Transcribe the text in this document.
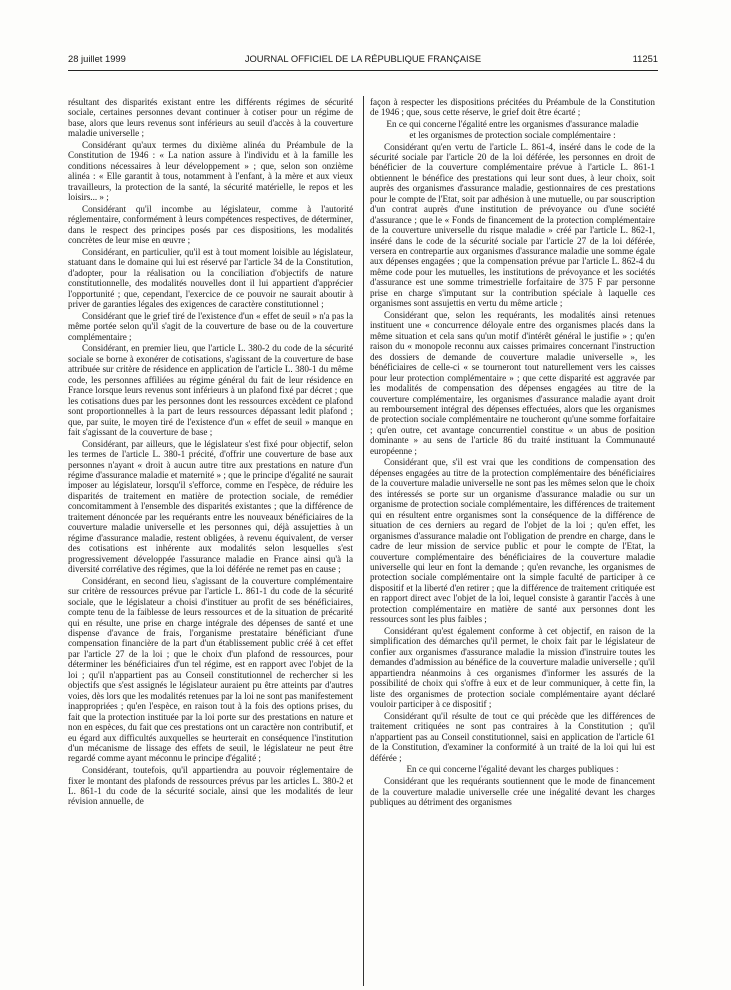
28 juillet 1999	JOURNAL OFFICIEL DE LA RÉPUBLIQUE FRANÇAISE	11251

résultant des disparités existant entre les différents régimes de sécurité sociale, certaines personnes devant continuer à cotiser pour un régime de base, alors que leurs revenus sont inférieurs au seuil d'accès à la couverture maladie universelle ;

Considérant qu'aux termes du dixième alinéa du Préambule de la Constitution de 1946 : « La nation assure à l'individu et à la famille les conditions nécessaires à leur développement » ; que, selon son onzième alinéa : « Elle garantit à tous, notamment à l'enfant, à la mère et aux vieux travailleurs, la protection de la santé, la sécurité matérielle, le repos et les loisirs... » ;

Considérant qu'il incombe au législateur, comme à l'autorité réglementaire, conformément à leurs compétences respectives, de déterminer, dans le respect des principes posés par ces dispositions, les modalités concrètes de leur mise en œuvre ;

Considérant, en particulier, qu'il est à tout moment loisible au législateur, statuant dans le domaine qui lui est réservé par l'article 34 de la Constitution, d'adopter, pour la réalisation ou la conciliation d'objectifs de nature constitutionnelle, des modalités nouvelles dont il lui appartient d'apprécier l'opportunité ; que, cependant, l'exercice de ce pouvoir ne saurait aboutir à priver de garanties légales des exigences de caractère constitutionnel ;

Considérant que le grief tiré de l'existence d'un « effet de seuil » n'a pas la même portée selon qu'il s'agit de la couverture de base ou de la couverture complémentaire ;

Considérant, en premier lieu, que l'article L. 380-2 du code de la sécurité sociale se borne à exonérer de cotisations, s'agissant de la couverture de base attribuée sur critère de résidence en application de l'article L. 380-1 du même code, les personnes affiliées au régime général du fait de leur résidence en France lorsque leurs revenus sont inférieurs à un plafond fixé par décret ; que les cotisations dues par les personnes dont les ressources excèdent ce plafond sont proportionnelles à la part de leurs ressources dépassant ledit plafond ; que, par suite, le moyen tiré de l'existence d'un « effet de seuil » manque en fait s'agissant de la couverture de base ;

Considérant, par ailleurs, que le législateur s'est fixé pour objectif, selon les termes de l'article L. 380-1 précité, d'offrir une couverture de base aux personnes n'ayant « droit à aucun autre titre aux prestations en nature d'un régime d'assurance maladie et maternité » ; que le principe d'égalité ne saurait imposer au législateur, lorsqu'il s'efforce, comme en l'espèce, de réduire les disparités de traitement en matière de protection sociale, de remédier concomitamment à l'ensemble des disparités existantes ; que la différence de traitement dénoncée par les requérants entre les nouveaux bénéficiaires de la couverture maladie universelle et les personnes qui, déjà assujetties à un régime d'assurance maladie, restent obligées, à revenu équivalent, de verser des cotisations est inhérente aux modalités selon lesquelles s'est progressivement développée l'assurance maladie en France ainsi qu'à la diversité corrélative des régimes, que la loi déférée ne remet pas en cause ;

Considérant, en second lieu, s'agissant de la couverture complémentaire sur critère de ressources prévue par l'article L. 861-1 du code de la sécurité sociale, que le législateur a choisi d'instituer au profit de ses bénéficiaires, compte tenu de la faiblesse de leurs ressources et de la situation de précarité qui en résulte, une prise en charge intégrale des dépenses de santé et une dispense d'avance de frais, l'organisme prestataire bénéficiant d'une compensation financière de la part d'un établissement public créé à cet effet par l'article 27 de la loi ; que le choix d'un plafond de ressources, pour déterminer les bénéficiaires d'un tel régime, est en rapport avec l'objet de la loi ; qu'il n'appartient pas au Conseil constitutionnel de rechercher si les objectifs que s'est assignés le législateur auraient pu être atteints par d'autres voies, dès lors que les modalités retenues par la loi ne sont pas manifestement inappropriées ; qu'en l'espèce, en raison tout à la fois des options prises, du fait que la protection instituée par la loi porte sur des prestations en nature et non en espèces, du fait que ces prestations ont un caractère non contributif, et eu égard aux difficultés auxquelles se heurterait en conséquence l'institution d'un mécanisme de lissage des effets de seuil, le législateur ne peut être regardé comme ayant méconnu le principe d'égalité ;

Considérant, toutefois, qu'il appartiendra au pouvoir réglementaire de fixer le montant des plafonds de ressources prévus par les articles L. 380-2 et L. 861-1 du code de la sécurité sociale, ainsi que les modalités de leur révision annuelle, de

façon à respecter les dispositions précitées du Préambule de la Constitution de 1946 ; que, sous cette réserve, le grief doit être écarté ;

En ce qui concerne l'égalité entre les organismes d'assurance maladie et les organismes de protection sociale complémentaire :

Considérant qu'en vertu de l'article L. 861-4, inséré dans le code de la sécurité sociale par l'article 20 de la loi déférée, les personnes en droit de bénéficier de la couverture complémentaire prévue à l'article L. 861-1 obtiennent le bénéfice des prestations qui leur sont dues, à leur choix, soit auprès des organismes d'assurance maladie, gestionnaires de ces prestations pour le compte de l'Etat, soit par adhésion à une mutuelle, ou par souscription d'un contrat auprès d'une institution de prévoyance ou d'une société d'assurance ; que le « Fonds de financement de la protection complémentaire de la couverture universelle du risque maladie » créé par l'article L. 862-1, inséré dans le code de la sécurité sociale par l'article 27 de la loi déférée, versera en contrepartie aux organismes d'assurance maladie une somme égale aux dépenses engagées ; que la compensation prévue par l'article L. 862-4 du même code pour les mutuelles, les institutions de prévoyance et les sociétés d'assurance est une somme trimestrielle forfaitaire de 375 F par personne prise en charge s'imputant sur la contribution spéciale à laquelle ces organismes sont assujettis en vertu du même article ;

Considérant que, selon les requérants, les modalités ainsi retenues instituent une « concurrence déloyale entre des organismes placés dans la même situation et cela sans qu'un motif d'intérêt général le justifie » ; qu'en raison du « monopole reconnu aux caisses primaires concernant l'instruction des dossiers de demande de couverture maladie universelle », les bénéficiaires de celle-ci « se tourneront tout naturellement vers les caisses pour leur protection complémentaire » ; que cette disparité est aggravée par les modalités de compensation des dépenses engagées au titre de la couverture complémentaire, les organismes d'assurance maladie ayant droit au remboursement intégral des dépenses effectuées, alors que les organismes de protection sociale complémentaire ne toucheront qu'une somme forfaitaire ; qu'en outre, cet avantage concurrentiel constitue « un abus de position dominante » au sens de l'article 86 du traité instituant la Communauté européenne ;

Considérant que, s'il est vrai que les conditions de compensation des dépenses engagées au titre de la protection complémentaire des bénéficiaires de la couverture maladie universelle ne sont pas les mêmes selon que le choix des intéressés se porte sur un organisme d'assurance maladie ou sur un organisme de protection sociale complémentaire, les différences de traitement qui en résultent entre organismes sont la conséquence de la différence de situation de ces derniers au regard de l'objet de la loi ; qu'en effet, les organismes d'assurance maladie ont l'obligation de prendre en charge, dans le cadre de leur mission de service public et pour le compte de l'Etat, la couverture complémentaire des bénéficiaires de la couverture maladie universelle qui leur en font la demande ; qu'en revanche, les organismes de protection sociale complémentaire ont la simple faculté de participer à ce dispositif et la liberté d'en retirer ; que la différence de traitement critiquée est en rapport direct avec l'objet de la loi, lequel consiste à garantir l'accès à une protection complémentaire en matière de santé aux personnes dont les ressources sont les plus faibles ;

Considérant qu'est également conforme à cet objectif, en raison de la simplification des démarches qu'il permet, le choix fait par le législateur de confier aux organismes d'assurance maladie la mission d'instruire toutes les demandes d'admission au bénéfice de la couverture maladie universelle ; qu'il appartiendra néanmoins à ces organismes d'informer les assurés de la possibilité de choix qui s'offre à eux et de leur communiquer, à cette fin, la liste des organismes de protection sociale complémentaire ayant déclaré vouloir participer à ce dispositif ;

Considérant qu'il résulte de tout ce qui précède que les différences de traitement critiquées ne sont pas contraires à la Constitution ; qu'il n'appartient pas au Conseil constitutionnel, saisi en application de l'article 61 de la Constitution, d'examiner la conformité à un traité de la loi qui lui est déférée ;

En ce qui concerne l'égalité devant les charges publiques :

Considérant que les requérants soutiennent que le mode de financement de la couverture maladie universelle crée une inégalité devant les charges publiques au détriment des organismes
